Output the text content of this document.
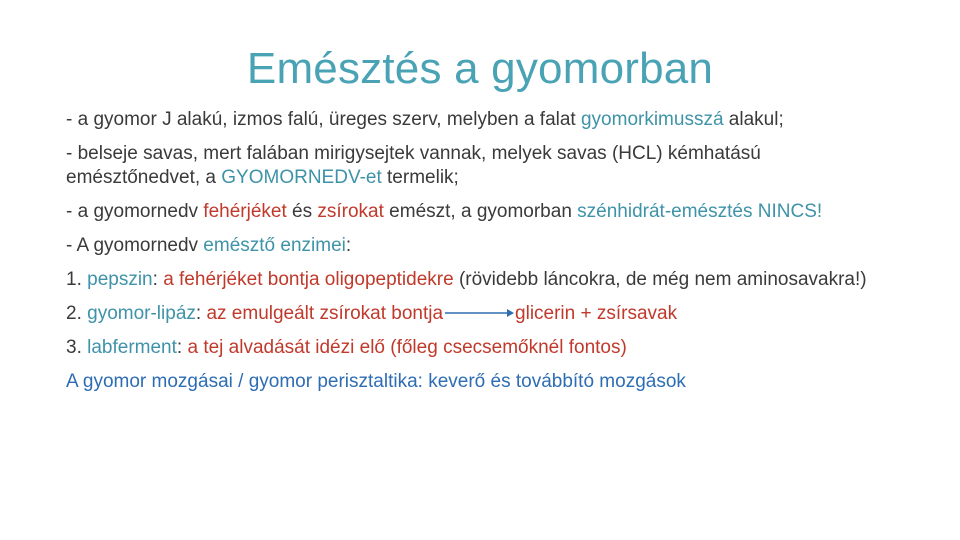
Emésztés a gyomorban

- a gyomor J alakú, izmos falú, üreges szerv, melyben a falat gyomorkimusszá alakul;

- belseje savas, mert falában mirigysejtek vannak, melyek savas (HCL) kémhatású emésztőnedvet, a GYOMORNEDV-et termelik;

- a gyomornedv fehérjéket és zsírokat emészt, a gyomorban szénhidrát-emésztés NINCS!

- A gyomornedv emésztő enzimei:

1. pepszin: a fehérjéket bontja oligopeptidekre (rövidebb láncokra, de még nem aminosavakra!)

2. gyomor-lipáz: az emulgeált zsírokat bontja	glicerin + zsírsavak

3. labferment: a tej alvadását idézi elő (főleg csecsemőknél fontos)

A gyomor mozgásai / gyomor perisztaltika: keverő és továbbító mozgások
